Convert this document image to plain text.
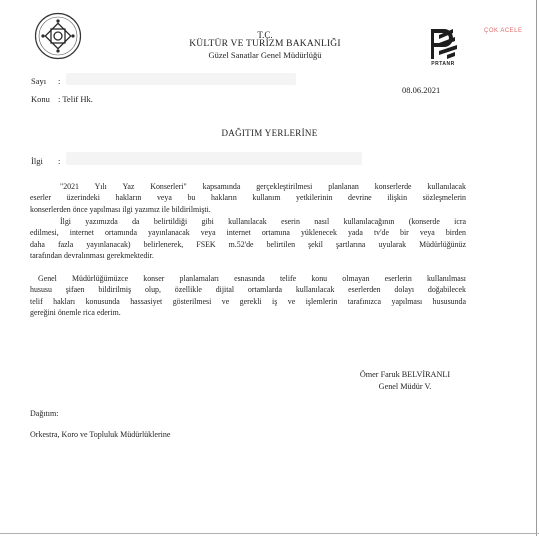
ÇOK ACELE
T.C.
KÜLTÜR VE TURİZM BAKANLIĞI
Güzel Sanatlar Genel Müdürlüğü
PRTANR
Sayı :
08.06.2021
Konu : Telif Hk.
DAĞITIM YERLERİNE
İlgi :
"2021 Yılı Yaz Konserleri" kapsamında gerçekleştirilmesi planlanan konserlerde kullanılacak
eserler üzerindeki hakların veya bu hakların kullanım yetkilerinin devrine ilişkin sözleşmelerin
konserlerden önce yapılması ilgi yazımız ile bildirilmişti.
İlgi yazımızda da belirtildiği gibi kullanılacak eserin nasıl kullanılacağının (konserde icra
edilmesi, internet ortamında yayınlanacak veya internet ortamına yüklenecek yada tv'de bir veya birden
daha fazla yayınlanacak) belirlenerek, FSEK m.52'de belirtilen şekil şartlarına uyularak Müdürlüğünüz
tarafından devralınması gerekmektedir.
Genel Müdürlüğümüzce konser planlamaları esnasında telife konu olmayan eserlerin kullanılması
hususu şifaen bildirilmiş olup, özellikle dijital ortamlarda kullanılacak eserlerden dolayı doğabilecek
telif hakları konusunda hassasiyet gösterilmesi ve gerekli iş ve işlemlerin tarafınızca yapılması hususunda
gereğini önemle rica ederim.
Ömer Faruk BELVİRANLI
Genel Müdür V.
Dağıtım:
Orkestra, Koro ve Topluluk Müdürlüklerine
